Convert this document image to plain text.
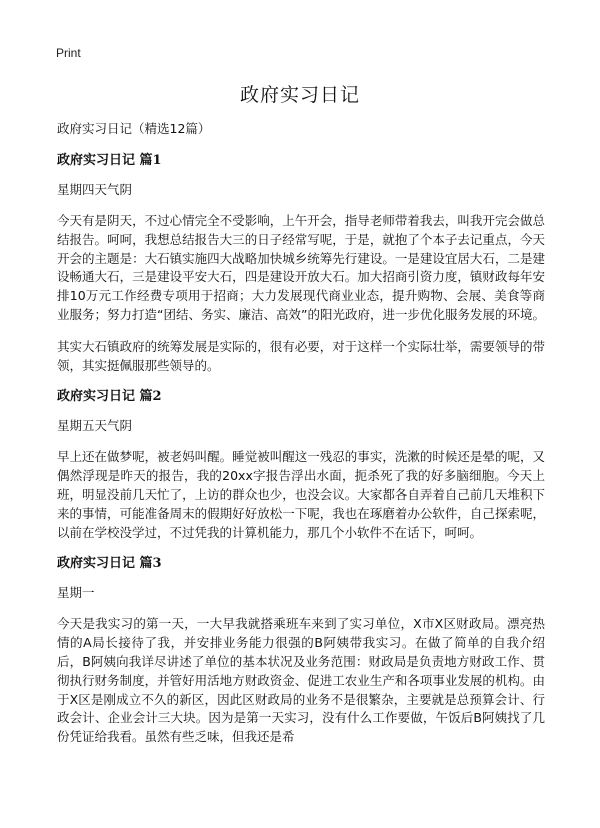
Print
政府实习日记

政府实习日记（精选12篇）

政府实习日记 篇1

星期四天气阴

今天有是阴天，不过心情完全不受影响，上午开会，指导老师带着我去，叫我开完会做总结报告。呵呵，我想总结报告大三的日子经常写呢，于是，就抱了个本子去记重点，今天开会的主题是：大石镇实施四大战略加快城乡统筹先行建设。一是建设宜居大石，二是建设畅通大石，三是建设平安大石，四是建设开放大石。加大招商引资力度，镇财政每年安排10万元工作经费专项用于招商；大力发展现代商业业态，提升购物、会展、美食等商业服务；努力打造“团结、务实、廉洁、高效”的阳光政府，进一步优化服务发展的环境。

其实大石镇政府的统筹发展是实际的，很有必要，对于这样一个实际壮举，需要领导的带领，其实挺佩服那些领导的。

政府实习日记 篇2

星期五天气阴

早上还在做梦呢，被老妈叫醒。睡觉被叫醒这一残忍的事实，洗漱的时候还是晕的呢，又偶然浮现是昨天的报告，我的20xx字报告浮出水面，扼杀死了我的好多脑细胞。今天上班，明显没前几天忙了，上访的群众也少，也没会议。大家都各自弄着自己前几天堆积下来的事情，可能准备周末的假期好好放松一下呢，我也在琢磨着办公软件，自己探索呢，以前在学校没学过，不过凭我的计算机能力，那几个小软件不在话下，呵呵。

政府实习日记 篇3

星期一

今天是我实习的第一天，一大早我就搭乘班车来到了实习单位，X市X区财政局。漂亮热情的A局长接待了我，并安排业务能力很强的B阿姨带我实习。在做了简单的自我介绍后，B阿姨向我详尽讲述了单位的基本状况及业务范围：财政局是负责地方财政工作、贯彻执行财务制度，并管好用活地方财政资金、促进工农业生产和各项事业发展的机构。由于X区是刚成立不久的新区，因此区财政局的业务不是很繁杂，主要就是总预算会计、行政会计、企业会计三大块。因为是第一天实习，没有什么工作要做，午饭后B阿姨找了几份凭证给我看。虽然有些乏味，但我还是希
